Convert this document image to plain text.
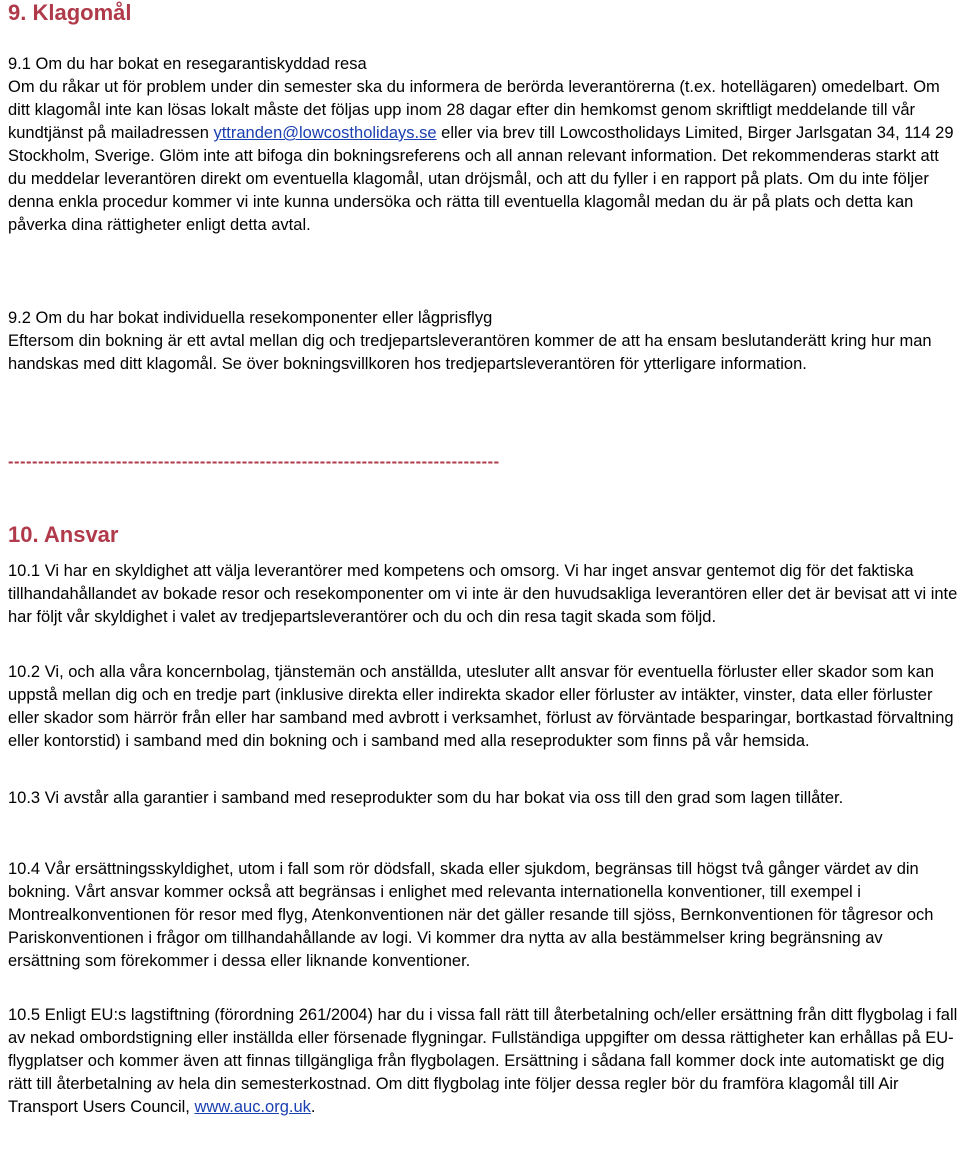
9. Klagomål

9.1 Om du har bokat en resegarantiskyddad resa

Om du råkar ut för problem under din semester ska du informera de berörda leverantörerna (t.ex. hotellägaren) omedelbart. Om ditt klagomål inte kan lösas lokalt måste det följas upp inom 28 dagar efter din hemkomst genom skriftligt meddelande till vår kundtjänst på mailadressen yttranden@lowcostholidays.se eller via brev till Lowcostholidays Limited, Birger Jarlsgatan 34, 114 29 Stockholm, Sverige. Glöm inte att bifoga din bokningsreferens och all annan relevant information. Det rekommenderas starkt att du meddelar leverantören direkt om eventuella klagomål, utan dröjsmål, och att du fyller i en rapport på plats. Om du inte följer denna enkla procedur kommer vi inte kunna undersöka och rätta till eventuella klagomål medan du är på plats och detta kan påverka dina rättigheter enligt detta avtal.

9.2 Om du har bokat individuella resekomponenter eller lågprisflyg

Eftersom din bokning är ett avtal mellan dig och tredjepartsleverantören kommer de att ha ensam beslutanderätt kring hur man handskas med ditt klagomål. Se över bokningsvillkoren hos tredjepartsleverantören för ytterligare information.

----------------------------------------------------------------------------------

10. Ansvar

10.1 Vi har en skyldighet att välja leverantörer med kompetens och omsorg. Vi har inget ansvar gentemot dig för det faktiska tillhandahållandet av bokade resor och resekomponenter om vi inte är den huvudsakliga leverantören eller det är bevisat att vi inte har följt vår skyldighet i valet av tredjepartsleverantörer och du och din resa tagit skada som följd.

10.2 Vi, och alla våra koncernbolag, tjänstemän och anställda, utesluter allt ansvar för eventuella förluster eller skador som kan uppstå mellan dig och en tredje part (inklusive direkta eller indirekta skador eller förluster av intäkter, vinster, data eller förluster eller skador som härrör från eller har samband med avbrott i verksamhet, förlust av förväntade besparingar, bortkastad förvaltning eller kontorstid) i samband med din bokning och i samband med alla reseprodukter som finns på vår hemsida.

10.3 Vi avstår alla garantier i samband med reseprodukter som du har bokat via oss till den grad som lagen tillåter.

10.4 Vår ersättningsskyldighet, utom i fall som rör dödsfall, skada eller sjukdom, begränsas till högst två gånger värdet av din bokning. Vårt ansvar kommer också att begränsas i enlighet med relevanta internationella konventioner, till exempel i Montrealkonventionen för resor med flyg, Atenkonventionen när det gäller resande till sjöss, Bernkonventionen för tågresor och Pariskonventionen i frågor om tillhandahållande av logi. Vi kommer dra nytta av alla bestämmelser kring begränsning av ersättning som förekommer i dessa eller liknande konventioner.

10.5 Enligt EU:s lagstiftning (förordning 261/2004) har du i vissa fall rätt till återbetalning och/eller ersättning från ditt flygbolag i fall av nekad ombordstigning eller inställda eller försenade flygningar. Fullständiga uppgifter om dessa rättigheter kan erhållas på EU-flygplatser och kommer även att finnas tillgängliga från flygbolagen. Ersättning i sådana fall kommer dock inte automatiskt ge dig rätt till återbetalning av hela din semesterkostnad. Om ditt flygbolag inte följer dessa regler bör du framföra klagomål till Air Transport Users Council, www.auc.org.uk.
